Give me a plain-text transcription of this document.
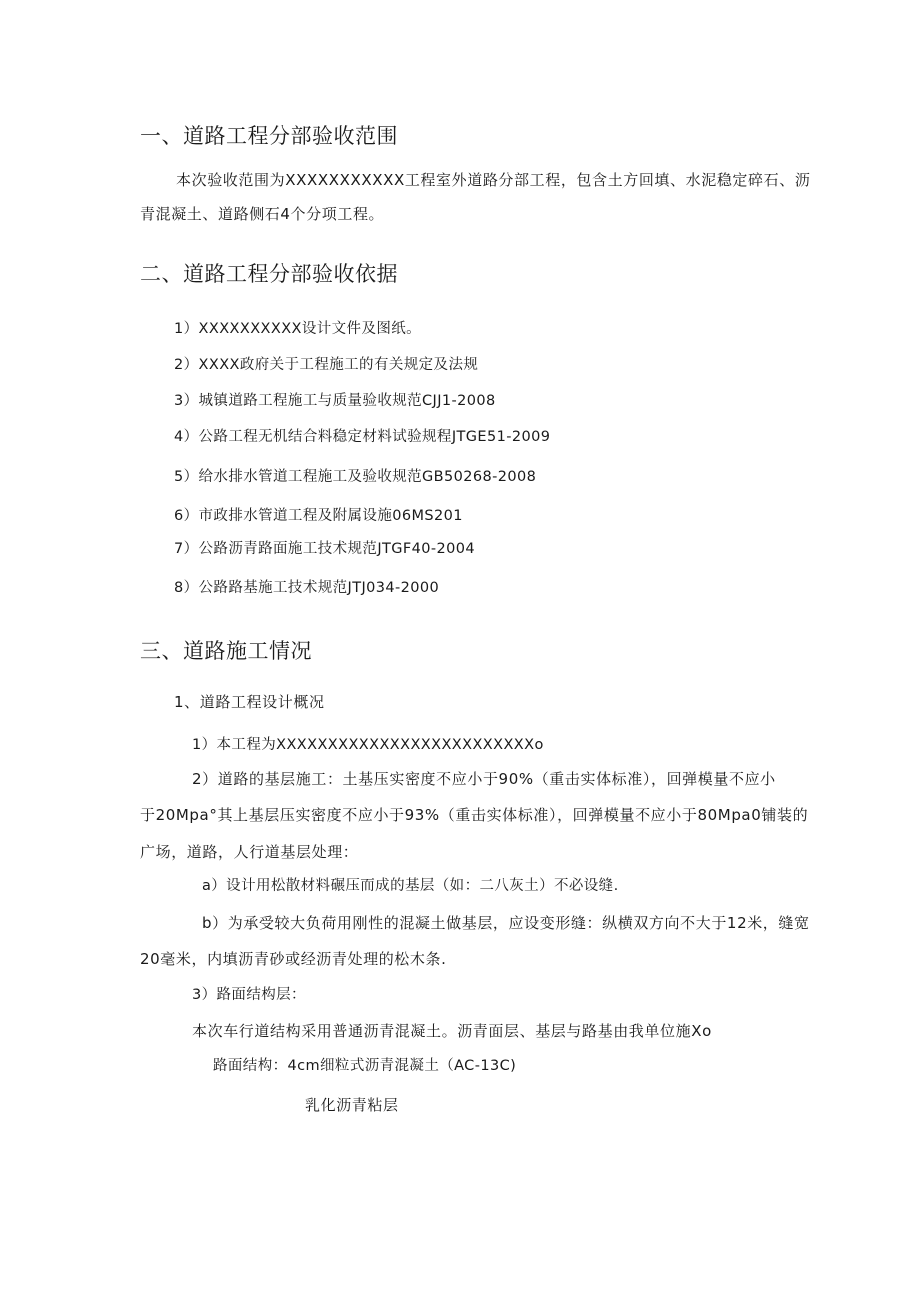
一、道路工程分部验收范围
本次验收范围为XXXXXXXXXXX工程室外道路分部工程，包含土方回填、水泥稳定碎石、沥
青混凝土、道路侧石4个分项工程。
二、道路工程分部验收依据
1）XXXXXXXXXX设计文件及图纸。
2）XXXX政府关于工程施工的有关规定及法规
3）城镇道路工程施工与质量验收规范CJJ1-2008
4）公路工程无机结合料稳定材料试验规程JTGE51-2009
5）给水排水管道工程施工及验收规范GB50268-2008
6）市政排水管道工程及附属设施06MS201
7）公路沥青路面施工技术规范JTGF40-2004
8）公路路基施工技术规范JTJ034-2000
三、道路施工情况
1、道路工程设计概况
1）本工程为XXXXXXXXXXXXXXXXXXXXXXXXXo
2）道路的基层施工：土基压实密度不应小于90%（重击实体标准），回弹模量不应小
于20Mpa°其上基层压实密度不应小于93%（重击实体标准），回弹模量不应小于80Mpa0铺装的
广场，道路，人行道基层处理：
a）设计用松散材料碾压而成的基层（如：二八灰土）不必设缝.
b）为承受较大负荷用刚性的混凝土做基层，应设变形缝：纵横双方向不大于12米，缝宽
20毫米，内填沥青砂或经沥青处理的松木条.
3）路面结构层：
本次车行道结构采用普通沥青混凝土。沥青面层、基层与路基由我单位施Xo
路面结构：4cm细粒式沥青混凝土（AC-13C)
乳化沥青粘层
